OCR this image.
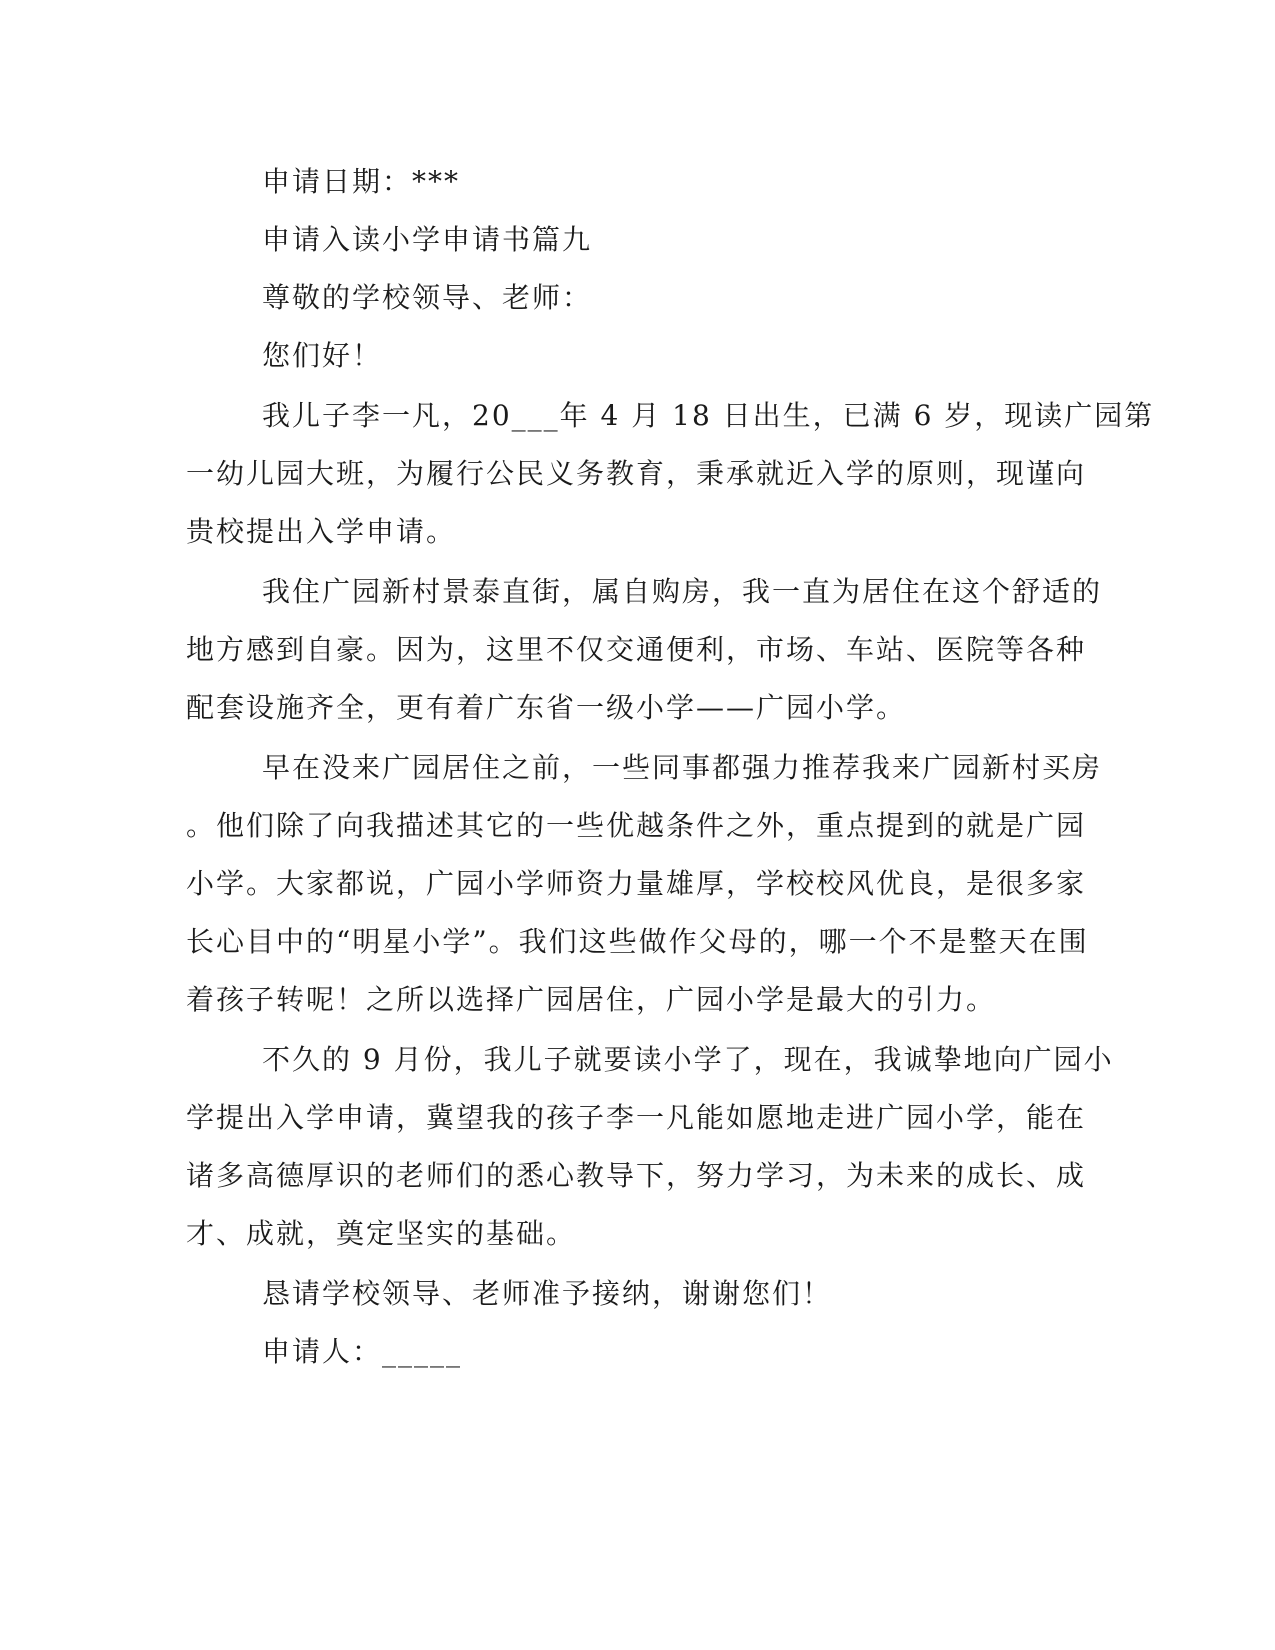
申请日期：***
申请入读小学申请书篇九
尊敬的学校领导、老师：
您们好！
我儿子李一凡，20___年 4 月 18 日出生，已满 6 岁，现读广园第
一幼儿园大班，为履行公民义务教育，秉承就近入学的原则，现谨向
贵校提出入学申请。
我住广园新村景泰直街，属自购房，我一直为居住在这个舒适的
地方感到自豪。因为，这里不仅交通便利，市场、车站、医院等各种
配套设施齐全，更有着广东省一级小学——广园小学。
早在没来广园居住之前，一些同事都强力推荐我来广园新村买房
。他们除了向我描述其它的一些优越条件之外，重点提到的就是广园
小学。大家都说，广园小学师资力量雄厚，学校校风优良，是很多家
长心目中的“明星小学”。我们这些做作父母的，哪一个不是整天在围
着孩子转呢！之所以选择广园居住，广园小学是最大的引力。
不久的 9 月份，我儿子就要读小学了，现在，我诚挚地向广园小
学提出入学申请，冀望我的孩子李一凡能如愿地走进广园小学，能在
诸多高德厚识的老师们的悉心教导下，努力学习，为未来的成长、成
才、成就，奠定坚实的基础。
恳请学校领导、老师准予接纳，谢谢您们！
申请人：_____
